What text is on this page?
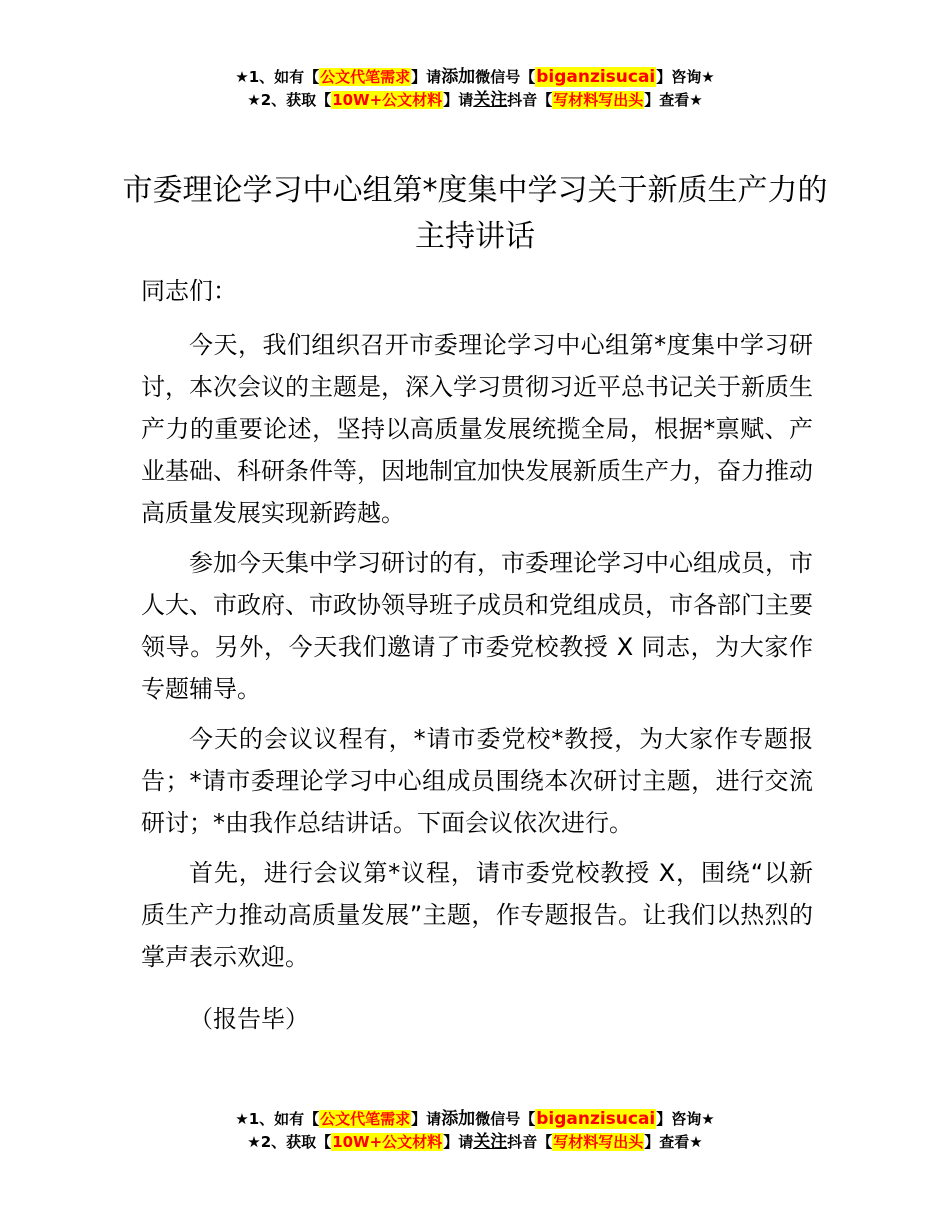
★1、如有【公文代笔需求】请添加微信号【biganzisucai】咨询★
★2、获取【10W+公文材料】请关注抖音【写材料写出头】查看★
市委理论学习中心组第*度集中学习关于新质生产力的主持讲话

同志们：

今天，我们组织召开市委理论学习中心组第*度集中学习研讨，本次会议的主题是，深入学习贯彻习近平总书记关于新质生产力的重要论述，坚持以高质量发展统揽全局，根据*禀赋、产业基础、科研条件等，因地制宜加快发展新质生产力，奋力推动高质量发展实现新跨越。

参加今天集中学习研讨的有，市委理论学习中心组成员，市人大、市政府、市政协领导班子成员和党组成员，市各部门主要领导。另外，今天我们邀请了市委党校教授 X 同志，为大家作专题辅导。

今天的会议议程有，*请市委党校*教授，为大家作专题报告；*请市委理论学习中心组成员围绕本次研讨主题，进行交流研讨；*由我作总结讲话。下面会议依次进行。

首先，进行会议第*议程，请市委党校教授 X，围绕“以新质生产力推动高质量发展”主题，作专题报告。让我们以热烈的掌声表示欢迎。

（报告毕）

★1、如有【公文代笔需求】请添加微信号【biganzisucai】咨询★
★2、获取【10W+公文材料】请关注抖音【写材料写出头】查看★
